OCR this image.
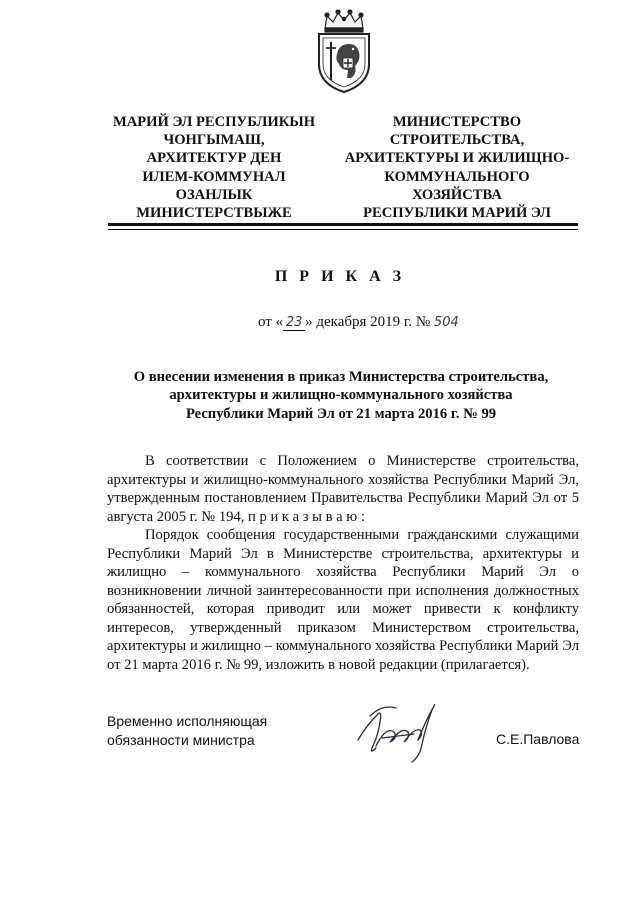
МАРИЙ ЭЛ РЕСПУБЛИКЫН
ЧОНГЫМАШ,
АРХИТЕКТУР ДЕН
ИЛЕМ-КОММУНАЛ
ОЗАНЛЫК
МИНИСТЕРСТВЫЖЕ
МИНИСТЕРСТВО
СТРОИТЕЛЬСТВА,
АРХИТЕКТУРЫ И ЖИЛИЩНО-
КОММУНАЛЬНОГО
ХОЗЯЙСТВА
РЕСПУБЛИКИ МАРИЙ ЭЛ
П Р И К А З
от « 23 » декабря 2019 г. № 504
О внесении изменения в приказ Министерства строительства,
архитектуры и жилищно-коммунального хозяйства
Республики Марий Эл от 21 марта 2016 г. № 99

В соответствии с Положением о Министерстве строительства, архитектуры и жилищно-коммунального хозяйства Республики Марий Эл, утвержденным постановлением Правительства Республики Марий Эл от 5 августа 2005 г. № 194, п р и к а з ы в а ю :

Порядок сообщения государственными гражданскими служащими Республики Марий Эл в Министерстве строительства, архитектуры и жилищно – коммунального хозяйства Республики Марий Эл о возникновении личной заинтересованности при исполнения должностных обязанностей, которая приводит или может привести к конфликту интересов, утвержденный приказом Министерством строительства, архитектуры и жилищно – коммунального хозяйства Республики Марий Эл от 21 марта 2016 г. № 99, изложить в новой редакции (прилагается).

Временно исполняющая
обязанности министра	С.Е.Павлова
